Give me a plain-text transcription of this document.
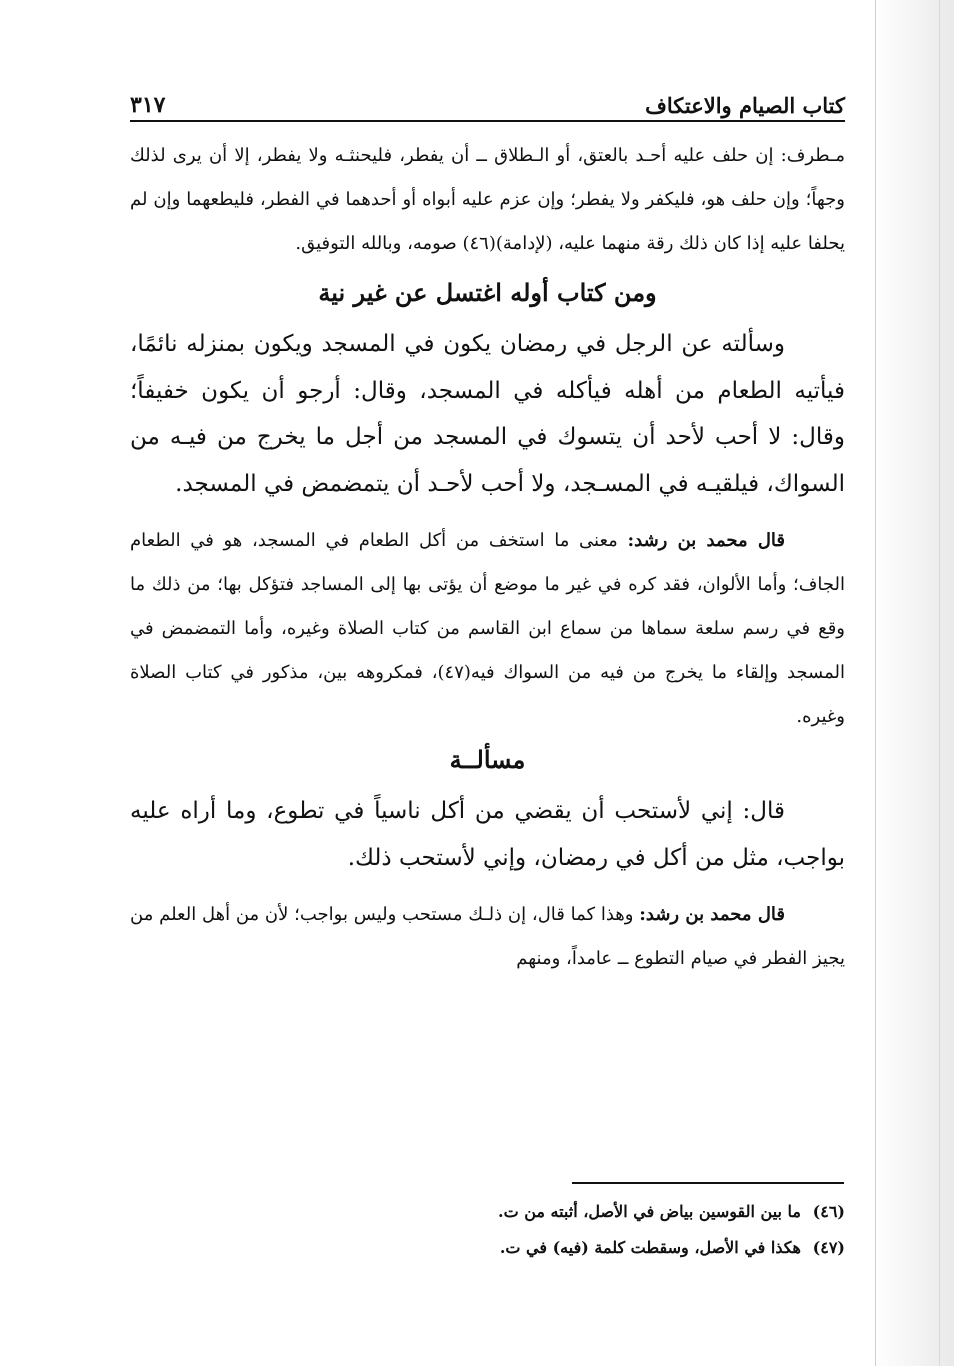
كتاب الصيام والاعتكاف
٣١٧

مـطرف: إن حلف عليه أحـد بالعتق، أو الـطلاق ــ أن يفطر، فليحنثـه ولا يفطر، إلا أن يرى لذلك وجهاً؛ وإن حلف هو، فليكفر ولا يفطر؛ وإن عزم عليه أبواه أو أحدهما في الفطر، فليطعهما وإن لم يحلفا عليه إذا كان ذلك رقة منهما عليه، (لإدامة)(٤٦) صومه، وبالله التوفيق.

ومن كتاب أوله اغتسل عن غير نية

وسألته عن الرجل في رمضان يكون في المسجد ويكون بمنزله نائمًا، فيأتيه الطعام من أهله فيأكله في المسجد، وقال: أرجو أن يكون خفيفاً؛ وقال: لا أحب لأحد أن يتسوك في المسجد من أجل ما يخرج من فيـه من السواك، فيلقيـه في المسـجد، ولا أحب لأحـد أن يتمضمض في المسجد.

قال محمد بن رشد: معنى ما استخف من أكل الطعام في المسجد، هو في الطعام الجاف؛ وأما الألوان، فقد كره في غير ما موضع أن يؤتى بها إلى المساجد فتؤكل بها؛ من ذلك ما وقع في رسم سلعة سماها من سماع ابن القاسم من كتاب الصلاة وغيره، وأما التمضمض في المسجد وإلقاء ما يخرج من فيه من السواك فيه(٤٧)، فمكروهه بين، مذكور في كتاب الصلاة وغيره.

مسألــة

قال: إني لأستحب أن يقضي من أكل ناسياً في تطوع، وما أراه عليه بواجب، مثل من أكل في رمضان، وإني لأستحب ذلك.

قال محمد بن رشد: وهذا كما قال، إن ذلـك مستحب وليس بواجب؛ لأن من أهل العلم من يجيز الفطر في صيام التطوع ــ عامداً، ومنهم

(٤٦)ما بين القوسين بياض في الأصل، أثبته من ت.
(٤٧)هكذا في الأصل، وسقطت كلمة (فيه) في ت.
